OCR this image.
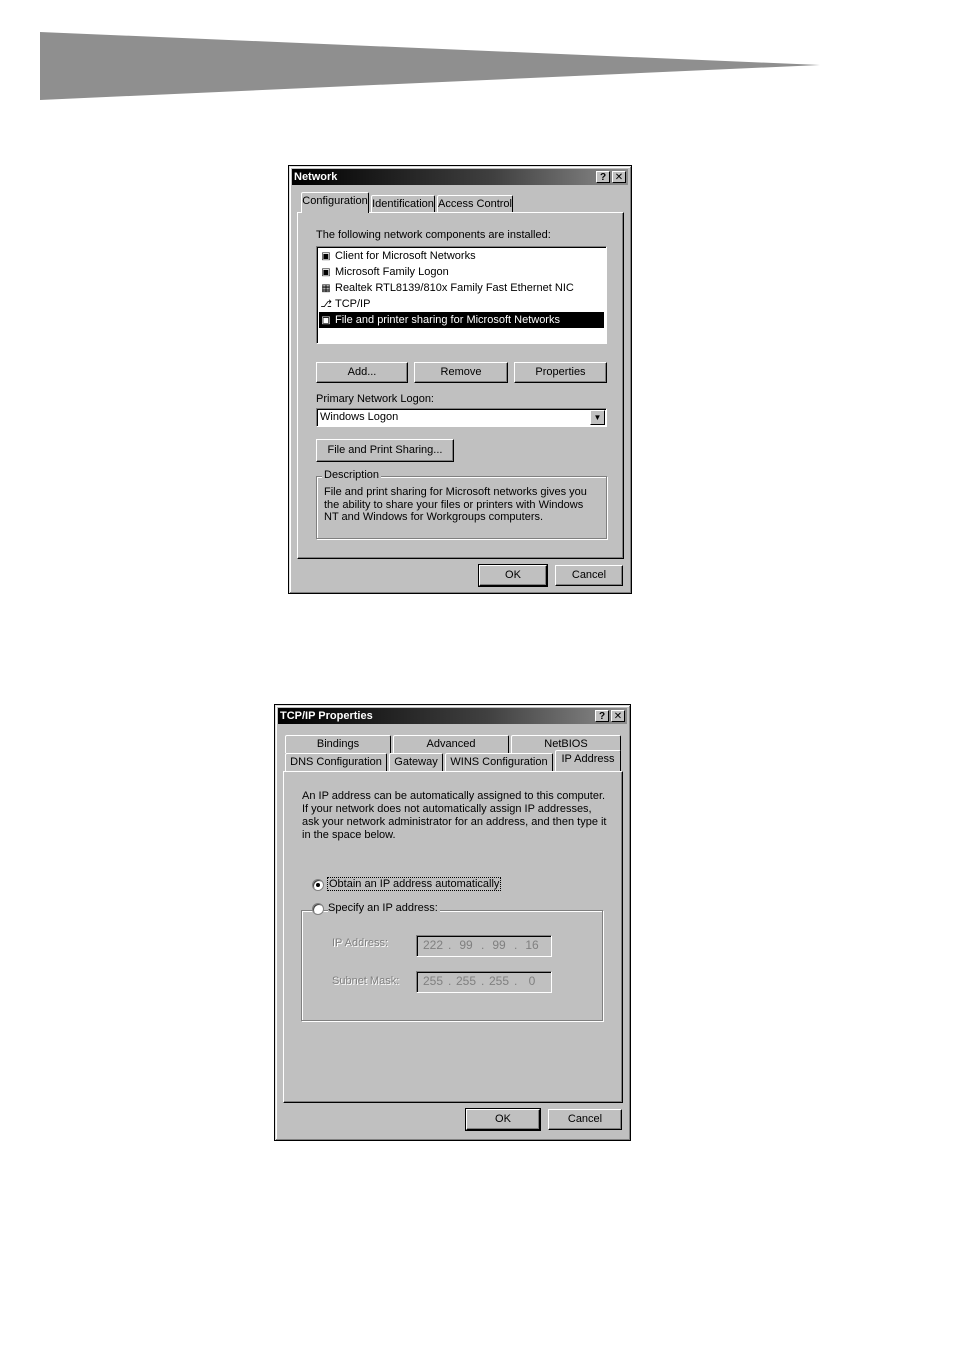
Network	? ✕
Configuration Identification Access Control
The following network components are installed:
▣ Client for Microsoft Networks
▣ Microsoft Family Logon
▦ Realtek RTL8139/810x Family Fast Ethernet NIC
⎇ TCP/IP
▣ File and printer sharing for Microsoft Networks
Add...	Remove	Properties
Primary Network Logon:
Windows Logon	▼
File and Print Sharing...
Description
File and print sharing for Microsoft networks gives you the ability to share your files or printers with Windows NT and Windows for Workgroups computers.
OK	Cancel
TCP/IP Properties	? ✕
Bindings	Advanced	NetBIOS
DNS Configuration	Gateway	WINS Configuration	IP Address
An IP address can be automatically assigned to this computer. If your network does not automatically assign IP addresses, ask your network administrator for an address, and then type it in the space below.
Obtain an IP address automatically
Specify an IP address:
IP Address:	222 . 99 . 99 . 16
Subnet Mask: 255 . 255 . 255 . 0
OK	Cancel
